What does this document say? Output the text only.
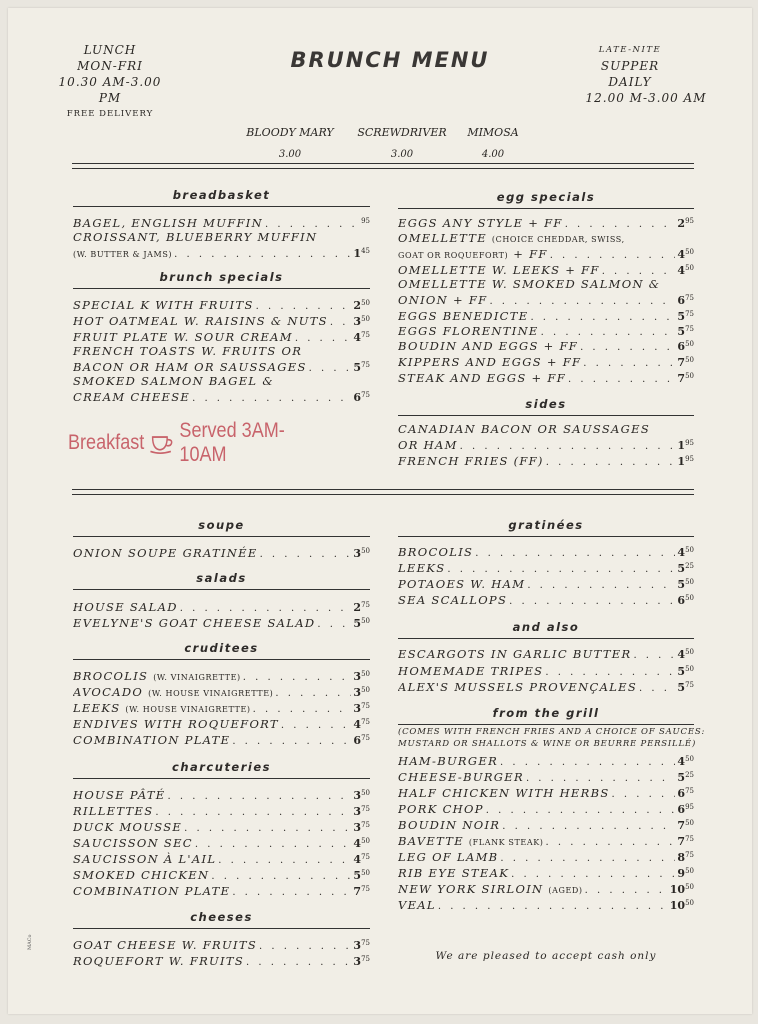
LUNCH
MON-FRI
10.30 AM-3.00 PM
FREE DELIVERY
BRUNCH MENU	LATE-NITE
SUPPER
DAILY
12.00 M-3.00 AM
BLOODY MARY
3.00
SCREWDRIVER
3.00
MIMOSA
4.00
breadbasket
BAGEL, ENGLISH MUFFIN . . .	$^{95}$
CROISSANT, BLUEBERRY MUFFIN
(W. BUTTER & JAMS) . . .	$1^{45}$
brunch specials
SPECIAL K WITH FRUITS . . .	$2^{50}$
HOT OATMEAL W. RAISINS & NUTS . . . $3^{50}$
FRUIT PLATE W. SOUR CREAM . . .	$4^{75}$
FRENCH TOASTS W. FRUITS OR
BACON OR HAM OR SAUSSAGES . . .	$5^{75}$
SMOKED SALMON BAGEL &
CREAM CHEESE . . .	$6^{75}$
egg specials
EGGS ANY STYLE + FF . . .	$2^{95}$
OMELLETTE (CHOICE CHEDDAR, SWISS,
GOAT OR ROQUEFORT) + FF . . .	$4^{50}$
OMELLETTE W. LEEKS + FF . . .	$4^{50}$
OMELLETTE W. SMOKED SALMON &
ONION + FF . . .	$6^{75}$
EGGS BENEDICTE . . .	$5^{75}$
EGGS FLORENTINE . . .	$5^{75}$
BOUDIN AND EGGS + FF . . .	$6^{50}$
KIPPERS AND EGGS + FF . . .	$7^{50}$
STEAK AND EGGS + FF . . .	$7^{50}$
sides
CANADIAN BACON OR SAUSSAGES
OR HAM . . .	$1^{95}$
FRENCH FRIES (FF) . . .	$1^{95}$
soupe
ONION SOUPE GRATINÉE . . .	$3^{50}$
salads
HOUSE SALAD . . .	$2^{75}$
EVELYNE'S GOAT CHEESE SALAD . . .	$5^{50}$
cruditees
BROCOLIS (W. VINAIGRETTE) . . .	$3^{50}$
AVOCADO (W. HOUSE VINAIGRETTE) . . .	$3^{50}$
LEEKS (W. HOUSE VINAIGRETTE) . . .	$3^{75}$
ENDIVES WITH ROQUEFORT . . .	$4^{75}$
COMBINATION PLATE . . .	$6^{75}$
charcuteries
HOUSE PÂTÉ . . .	$3^{50}$
RILLETTES . . .	$3^{75}$
DUCK MOUSSE . . .	$3^{75}$
SAUCISSON SEC . . .	$4^{50}$
SAUCISSON À L'AIL . . .	$4^{75}$
SMOKED CHICKEN . . .	$5^{50}$
COMBINATION PLATE . . .	$7^{75}$
cheeses
GOAT CHEESE W. FRUITS . . .	$3^{75}$
ROQUEFORT W. FRUITS . . .	$3^{75}$
gratinées
BROCOLIS . . .	$4^{50}$
LEEKS . . .	$5^{25}$
POTAOES W. HAM . . .	$5^{50}$
SEA SCALLOPS . . .	$6^{50}$
and also
ESCARGOTS IN GARLIC BUTTER . . .	$4^{50}$
HOMEMADE TRIPES . . .	$5^{50}$
ALEX'S MUSSELS PROVENÇALES . . .	$5^{75}$
from the grill
(COMES WITH FRENCH FRIES AND A CHOICE OF SAUCES:
MUSTARD OR SHALLOTS & WINE OR BEURRE PERSILLÉ)
HAM-BURGER . . .	$4^{50}$
CHEESE-BURGER . . .	$5^{25}$
HALF CHICKEN WITH HERBS . . .	$6^{75}$
PORK CHOP . . .	$6^{95}$
BOUDIN NOIR . . .	$7^{50}$
BAVETTE (FLANK STEAK) . . .	$7^{75}$
LEG OF LAMB . . .	$8^{75}$
RIB EYE STEAK . . .	$9^{50}$
NEW YORK SIRLOIN (AGED) . . .	$10^{50}$
VEAL . . .	$10^{50}$
Breakfast
Served 3AM-10AM
We are pleased to accept cash only
MACo
